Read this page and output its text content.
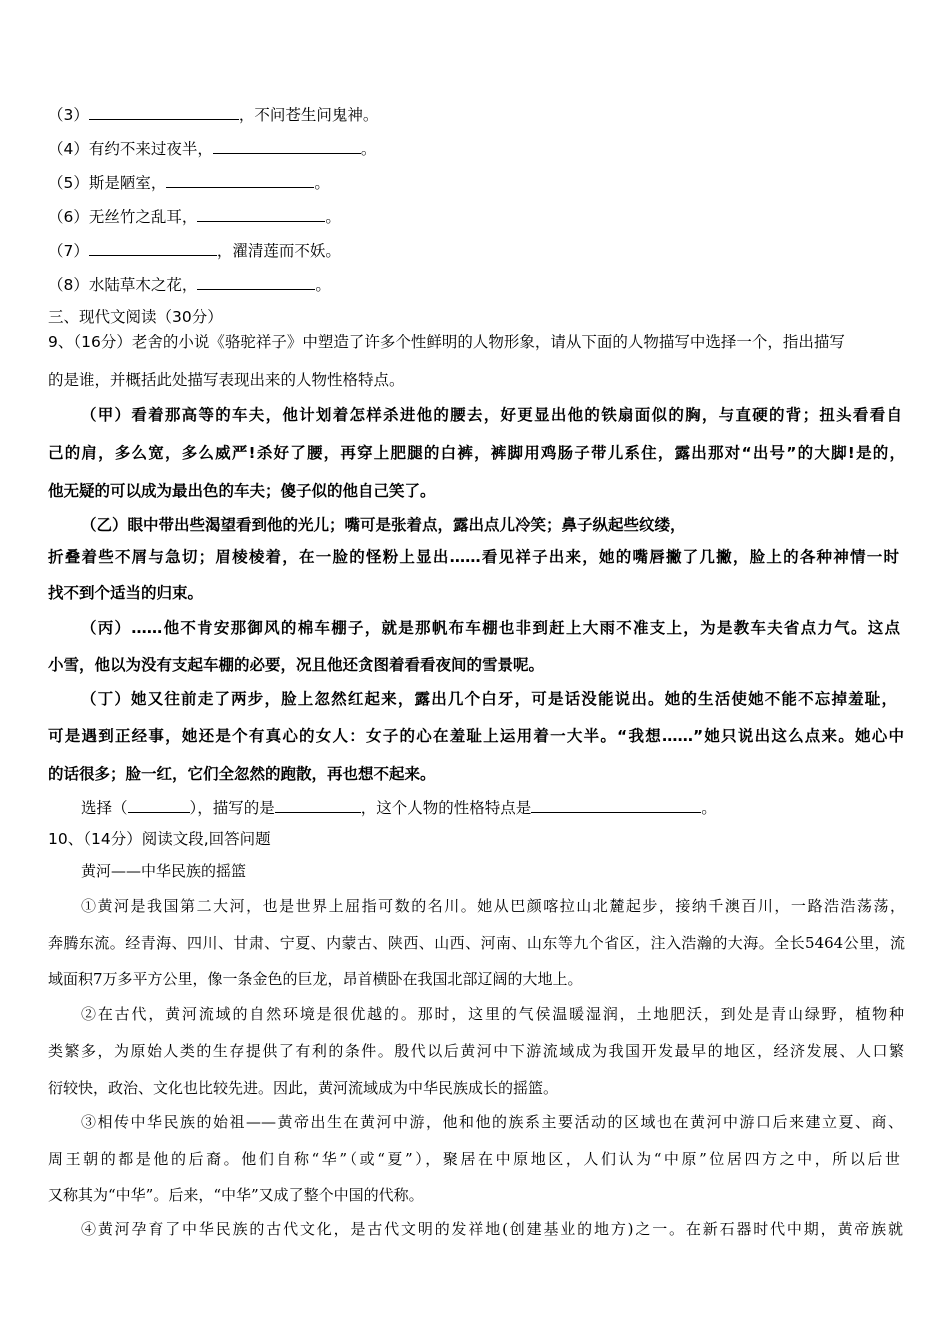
（3）	，不问苍生问鬼神。
（4）有约不来过夜半，	。
（5）斯是陋室，	。
（6）无丝竹之乱耳，	。
（7）	，濯清莲而不妖。
（8）水陆草木之花，	。
三、现代文阅读（30分）
9、（16分）老舍的小说《骆驼祥子》中塑造了许多个性鲜明的人物形象，请从下面的人物描写中选择一个，指出描写
的是谁，并概括此处描写表现出来的人物性格特点。
（甲）看着那高等的车夫，他计划着怎样杀进他的腰去，好更显出他的铁扇面似的胸，与直硬的背；扭头看看自
己的肩，多么宽，多么威严!杀好了腰，再穿上肥腿的白裤，裤脚用鸡肠子带儿系住，露出那对“出号”的大脚!是的，
他无疑的可以成为最出色的车夫；傻子似的他自己笑了。
（乙）眼中带出些渴望看到他的光儿；嘴可是张着点，露出点儿冷笑；鼻子纵起些纹缕，
折叠着些不屑与急切；眉棱棱着，在一脸的怪粉上显出……看见祥子出来，她的嘴唇撇了几撇，脸上的各种神情一时
找不到个适当的归束。
（丙）……他不肯安那御风的棉车棚子，就是那帆布车棚也非到赶上大雨不准支上，为是教车夫省点力气。这点
小雪，他以为没有支起车棚的必要，况且他还贪图着看看夜间的雪景呢。
（丁）她又往前走了两步，脸上忽然红起来，露出几个白牙，可是话没能说出。她的生活使她不能不忘掉羞耻，
可是遇到正经事，她还是个有真心的女人：女子的心在羞耻上运用着一大半。“我想……”她只说出这么点来。她心中
的话很多；脸一红，它们全忽然的跑散，再也想不起来。
选择（	），描写的是	，这个人物的性格特点是	。
10、（14分）阅读文段,回答问题
黄河——中华民族的摇篮
①黄河是我国第二大河，也是世界上屈指可数的名川。她从巴颜喀拉山北麓起步，接纳千澳百川，一路浩浩荡荡，
奔腾东流。经青海、四川、甘肃、宁夏、内蒙古、陕西、山西、河南、山东等九个省区，注入浩瀚的大海。全长5464公里，流
域面积7万多平方公里，像一条金色的巨龙，昂首横卧在我国北部辽阔的大地上。
②在古代，黄河流域的自然环境是很优越的。那时，这里的气侯温暖湿润，土地肥沃，到处是青山绿野，植物种
类繁多，为原始人类的生存提供了有利的条件。殷代以后黄河中下游流域成为我国开发最早的地区，经济发展、人口繁
衍较快，政治、文化也比较先进。因此，黄河流域成为中华民族成长的摇篮。
③相传中华民族的始祖——黄帝出生在黄河中游，他和他的族系主要活动的区域也在黄河中游口后来建立夏、商、
周王朝的都是他的后裔。他们自称“华”（或“夏”），聚居在中原地区，人们认为“中原”位居四方之中，所以后世
又称其为“中华”。后来，“中华”又成了整个中国的代称。
④黄河孕育了中华民族的古代文化，是古代文明的发祥地(创建基业的地方)之一。在新石器时代中期，黄帝族就
